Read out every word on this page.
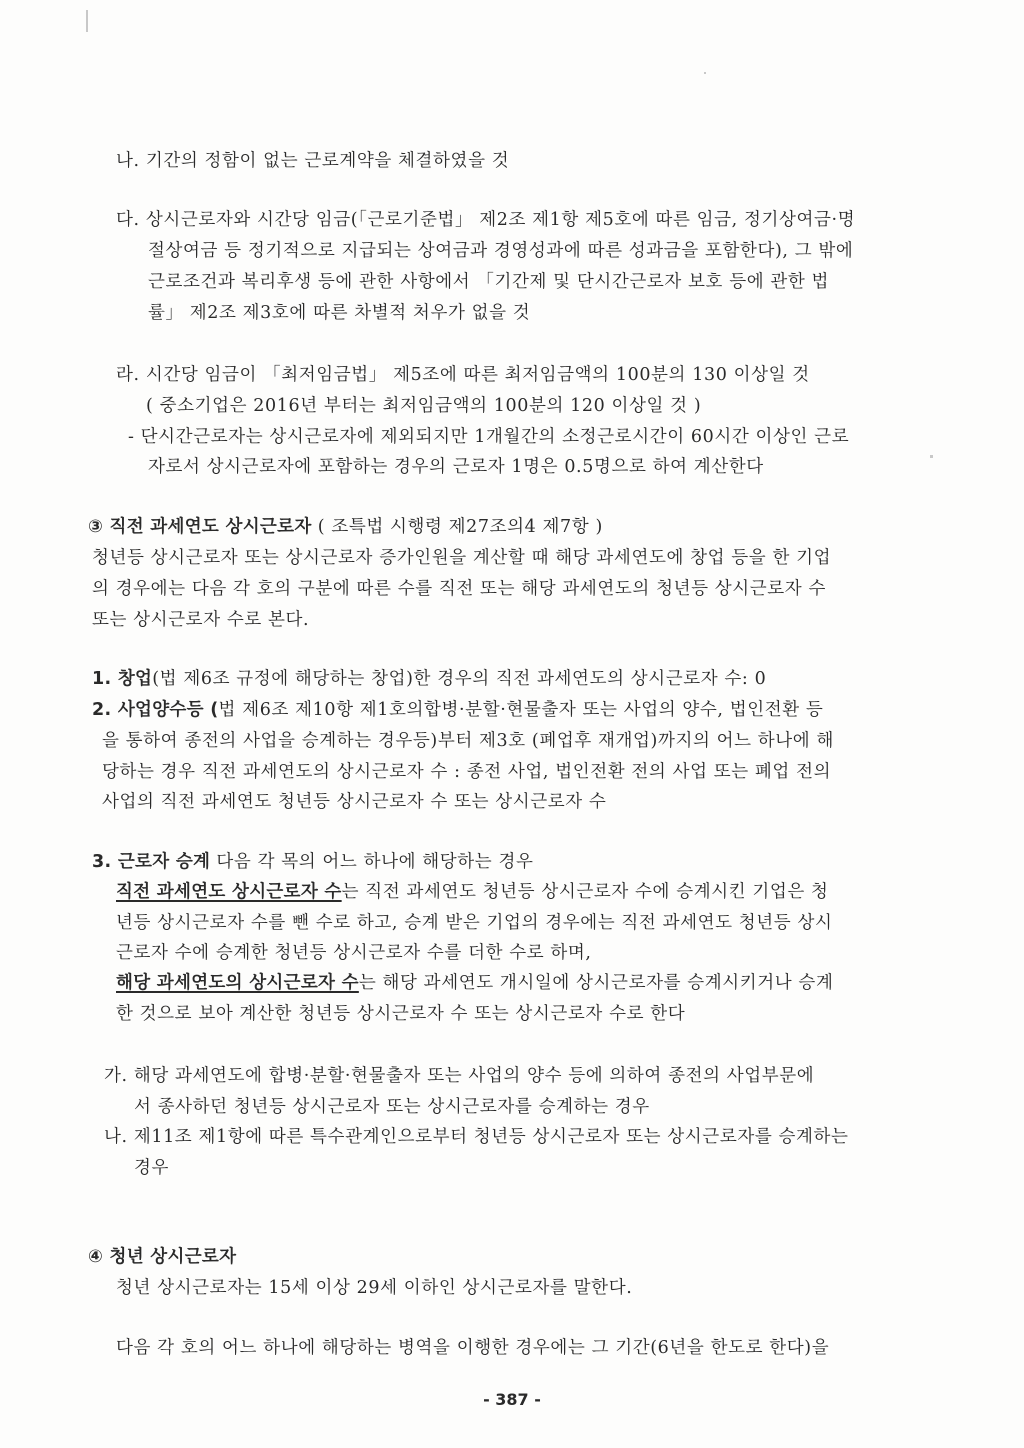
나. 기간의 정함이 없는 근로계약을 체결하였을 것
다. 상시근로자와 시간당 임금(「근로기준법」 제2조 제1항 제5호에 따른 임금, 정기상여금·명
절상여금 등 정기적으로 지급되는 상여금과 경영성과에 따른 성과금을 포함한다), 그 밖에
근로조건과 복리후생 등에 관한 사항에서 「기간제 및 단시간근로자 보호 등에 관한 법
률」 제2조 제3호에 따른 차별적 처우가 없을 것
라. 시간당 임금이 「최저임금법」 제5조에 따른 최저임금액의 100분의 130 이상일 것
( 중소기업은 2016년 부터는 최저임금액의 100분의 120 이상일 것 )
- 단시간근로자는 상시근로자에 제외되지만 1개월간의 소정근로시간이 60시간 이상인 근로
자로서 상시근로자에 포함하는 경우의 근로자 1명은 0.5명으로 하여 계산한다
③ 직전 과세연도 상시근로자 ( 조특법 시행령 제27조의4 제7항 )
청년등 상시근로자 또는 상시근로자 증가인원을 계산할 때 해당 과세연도에 창업 등을 한 기업
의 경우에는 다음 각 호의 구분에 따른 수를 직전 또는 해당 과세연도의 청년등 상시근로자 수
또는 상시근로자 수로 본다.
1. 창업(법 제6조 규정에 해당하는 창업)한 경우의 직전 과세연도의 상시근로자 수: 0
2. 사업양수등 (법 제6조 제10항 제1호의합병·분할·현물출자 또는 사업의 양수, 법인전환 등
을 통하여 종전의 사업을 승계하는 경우등)부터 제3호 (폐업후 재개업)까지의 어느 하나에 해
당하는 경우 직전 과세연도의 상시근로자 수 : 종전 사업, 법인전환 전의 사업 또는 폐업 전의
사업의 직전 과세연도 청년등 상시근로자 수 또는 상시근로자 수
3. 근로자 승계 다음 각 목의 어느 하나에 해당하는 경우
직전 과세연도 상시근로자 수는 직전 과세연도 청년등 상시근로자 수에 승계시킨 기업은 청
년등 상시근로자 수를 뺀 수로 하고, 승계 받은 기업의 경우에는 직전 과세연도 청년등 상시
근로자 수에 승계한 청년등 상시근로자 수를 더한 수로 하며,
해당 과세연도의 상시근로자 수는 해당 과세연도 개시일에 상시근로자를 승계시키거나 승계
한 것으로 보아 계산한 청년등 상시근로자 수 또는 상시근로자 수로 한다
가. 해당 과세연도에 합병·분할·현물출자 또는 사업의 양수 등에 의하여 종전의 사업부문에
서 종사하던 청년등 상시근로자 또는 상시근로자를 승계하는 경우
나. 제11조 제1항에 따른 특수관계인으로부터 청년등 상시근로자 또는 상시근로자를 승계하는
경우
④ 청년 상시근로자
청년 상시근로자는 15세 이상 29세 이하인 상시근로자를 말한다.
다음 각 호의 어느 하나에 해당하는 병역을 이행한 경우에는 그 기간(6년을 한도로 한다)을
- 387 -
